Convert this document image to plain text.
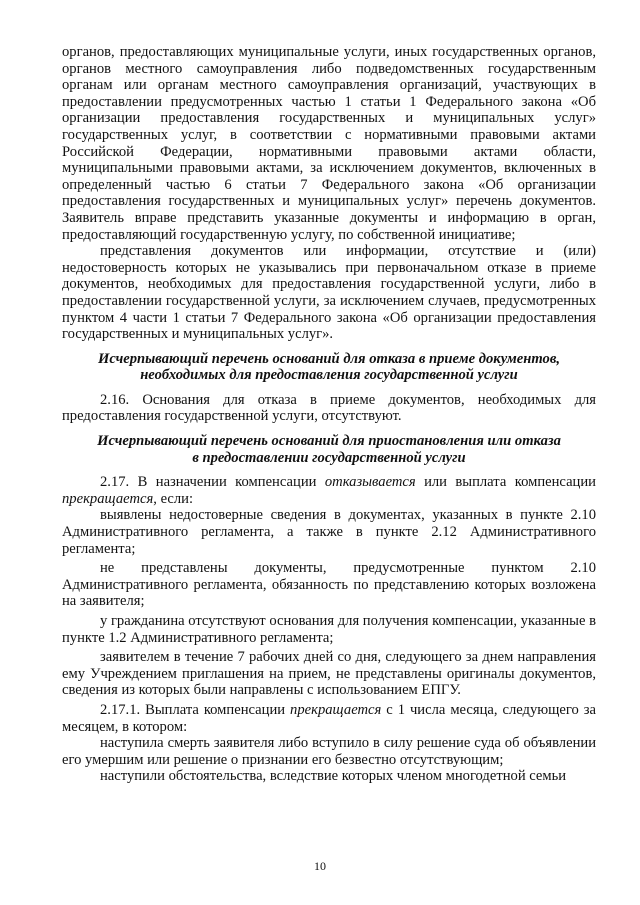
органов, предоставляющих муниципальные услуги, иных государственных органов, органов местного самоуправления либо подведомственных государственным органам или органам местного самоуправления организаций, участвующих в предоставлении предусмотренных частью 1 статьи 1 Федерального закона «Об организации предоставления государственных и муниципальных услуг» государственных услуг, в соответствии с нормативными правовыми актами Российской Федерации, нормативными правовыми актами области, муниципальными правовыми актами, за исключением документов, включенных в определенный частью 6 статьи 7 Федерального закона «Об организации предоставления государственных и муниципальных услуг» перечень документов. Заявитель вправе представить указанные документы и информацию в орган, предоставляющий государственную услугу, по собственной инициативе;

представления документов или информации, отсутствие и (или) недостоверность которых не указывались при первоначальном отказе в приеме документов, необходимых для предоставления государственной услуги, либо в предоставлении государственной услуги, за исключением случаев, предусмотренных пунктом 4 части 1 статьи 7 Федерального закона «Об организации предоставления государственных и муниципальных услуг».

Исчерпывающий перечень оснований для отказа в приеме документов,
необходимых для предоставления государственной услуги

2.16. Основания для отказа в приеме документов, необходимых для предоставления государственной услуги, отсутствуют.

Исчерпывающий перечень оснований для приостановления или отказа
в предоставлении государственной услуги

2.17. В назначении компенсации отказывается или выплата компенсации прекращается, если:

выявлены недостоверные сведения в документах, указанных в пункте 2.10 Административного регламента, а также в пункте 2.12 Административного регламента;

не представлены документы, предусмотренные пунктом 2.10 Административного регламента, обязанность по представлению которых возложена на заявителя;

у гражданина отсутствуют основания для получения компенсации, указанные в пункте 1.2 Административного регламента;

заявителем в течение 7 рабочих дней со дня, следующего за днем направления ему Учреждением приглашения на прием, не представлены оригиналы документов, сведения из которых были направлены с использованием ЕПГУ.

2.17.1. Выплата компенсации прекращается с 1 числа месяца, следующего за месяцем, в котором:

наступила смерть заявителя либо вступило в силу решение суда об объявлении его умершим или решение о признании его безвестно отсутствующим;

наступили обстоятельства, вследствие которых членом многодетной семьи

10
